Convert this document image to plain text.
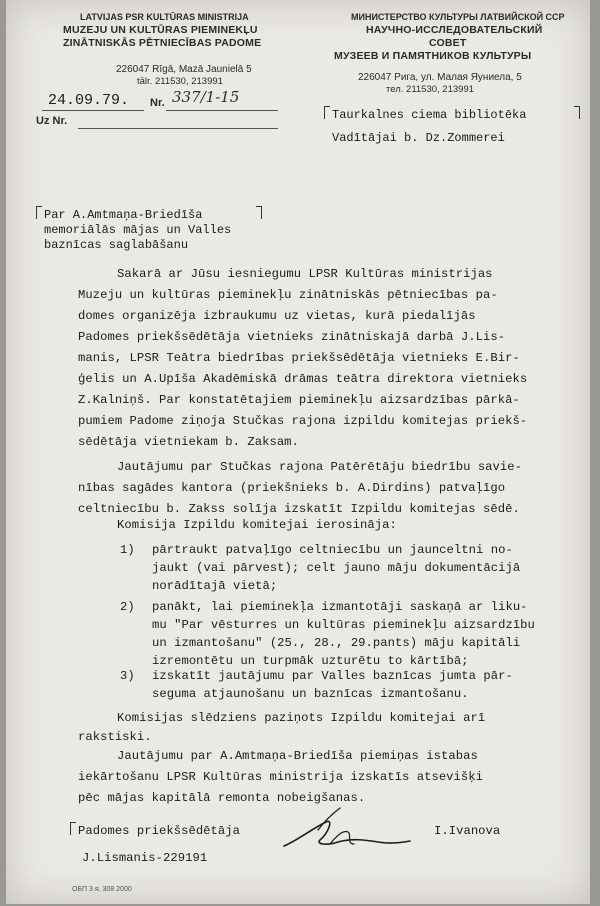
LATVIJAS PSR KULTŪRAS MINISTRIJA
MUZEJU UN KULTŪRAS PIEMINEKĻU
ZINĀTNISKĀS PĒTNIECĪBAS PADOME
226047 Rīgā, Mazā Jaunielā 5
tālr. 211530, 213991
МИНИСТЕРСТВО КУЛЬТУРЫ ЛАТВИЙСКОЙ ССР
НАУЧНО-ИССЛЕДОВАТЕЛЬСКИЙ
СОВЕТ
МУЗЕЕВ И ПАМЯТНИКОВ КУЛЬТУРЫ
226047 Рига, ул. Малая Яуниела, 5
тел. 211530, 213991
24.09.79. Nr. 337/1-15
Uz Nr.	Taurkalnes ciema bibliotēka
Vadītājai b. Dz.Zommerei
Par A.Amtmaņa-Briedīša
memoriālās mājas un Valles
baznīcas saglabāšanu
Sakarā ar Jūsu iesniegumu LPSR Kultūras ministrijas
Muzeju un kultūras pieminekļu zinātniskās pētniecības pa-
domes organizēja izbraukumu uz vietas, kurā piedalījās
Padomes priekšsēdētāja vietnieks zinātniskajā darbā J.Lis-
manis, LPSR Teātra biedrības priekšsēdētāja vietnieks E.Bir-
ģelis un A.Upīša Akadēmiskā drāmas teātra direktora vietnieks
Z.Kalniņš. Par konstatētajiem pieminekļu aizsardzības pārkā-
pumiem Padome ziņoja Stučkas rajona izpildu komitejas priekš-
sēdētāja vietniekam b. Zaksam.
Jautājumu par Stučkas rajona Patērētāju biedrību savie-
nības sagādes kantora (priekšnieks b. A.Dirdins) patvaļīgo
celtniecību b. Zakss solīja izskatīt Izpildu komitejas sēdē.
Komisija Izpildu komitejai ierosināja:
1) pārtraukt patvaļīgo celtniecību un jaunceltni no-
jaukt (vai pārvest); celt jauno māju dokumentācijā
norādītajā vietā;
2) panākt, lai pieminekļa izmantotāji saskaņā ar liku-
mu "Par vēsturres un kultūras pieminekļu aizsardzību
un izmantošanu" (25., 28., 29.pants) māju kapitāli
izremontētu un turpmāk uzturētu to kārtībā;
3) izskatīt jautājumu par Valles baznīcas jumta pār-
seguma atjaunošanu un baznīcas izmantošanu.
Komisijas slēdziens paziņots Izpildu komitejai arī
rakstiski.
Jautājumu par A.Amtmaņa-Briedīša piemiņas istabas
iekārtošanu LPSR Kultūras ministrija izskatīs atsevišķi
pēc mājas kapitālā remonta nobeigšanas.
Padomes priekšsēdētāja	I.Ivanova
J.Lismanis-229191
ОБП 3 я. 308 2000
